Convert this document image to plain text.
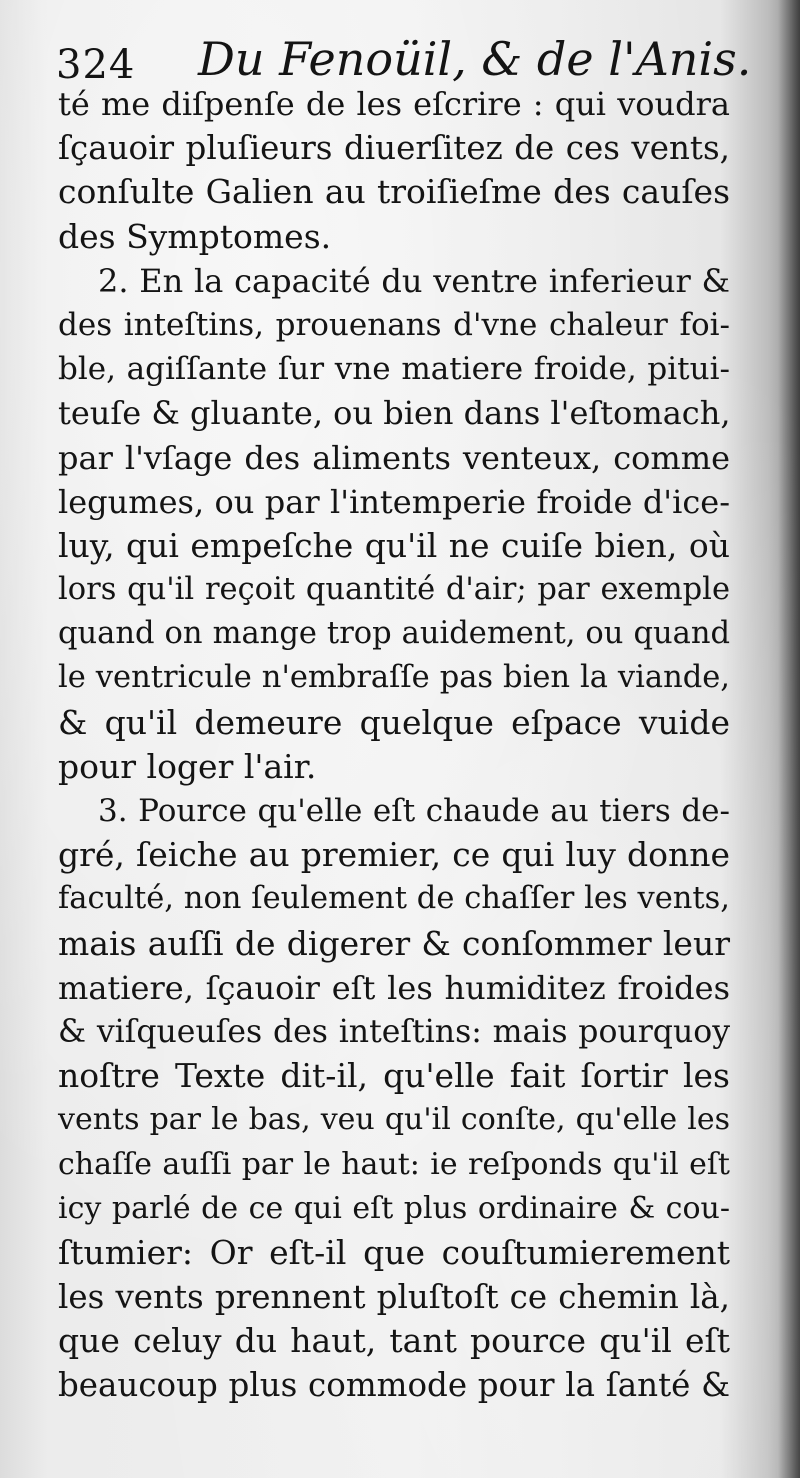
324 Du Fenoüil, & de l'Anis.
té me diſpenſe de les eſcrire : qui voudra
ſçauoir pluſieurs diuerſitez de ces vents,
conſulte Galien au troiſieſme des cauſes
des Symptomes.
2. En la capacité du ventre inferieur &
des inteſtins, prouenans d'vne chaleur foi-
ble, agiſſante ſur vne matiere froide, pitui-
teuſe & gluante, ou bien dans l'eſtomach,
par l'vſage des aliments venteux, comme
legumes, ou par l'intemperie froide d'ice-
luy, qui empeſche qu'il ne cuiſe bien, où
lors qu'il reçoit quantité d'air; par exemple
quand on mange trop auidement, ou quand
le ventricule n'embraſſe pas bien la viande,
& qu'il demeure quelque eſpace vuide
pour loger l'air.
3. Pource qu'elle eſt chaude au tiers de-
gré, ſeiche au premier, ce qui luy donne
faculté, non ſeulement de chaſſer les vents,
mais auſſi de digerer & conſommer leur
matiere, ſçauoir eſt les humiditez froides
& viſqueuſes des inteſtins: mais pourquoy
noſtre Texte dit-il, qu'elle fait ſortir les
vents par le bas, veu qu'il conſte, qu'elle les
chaſſe auſſi par le haut: ie reſponds qu'il eſt
icy parlé de ce qui eſt plus ordinaire & cou-
ſtumier: Or eſt-il que couſtumierement
les vents prennent pluſtoſt ce chemin là,
que celuy du haut, tant pource qu'il eſt
beaucoup plus commode pour la ſanté &
